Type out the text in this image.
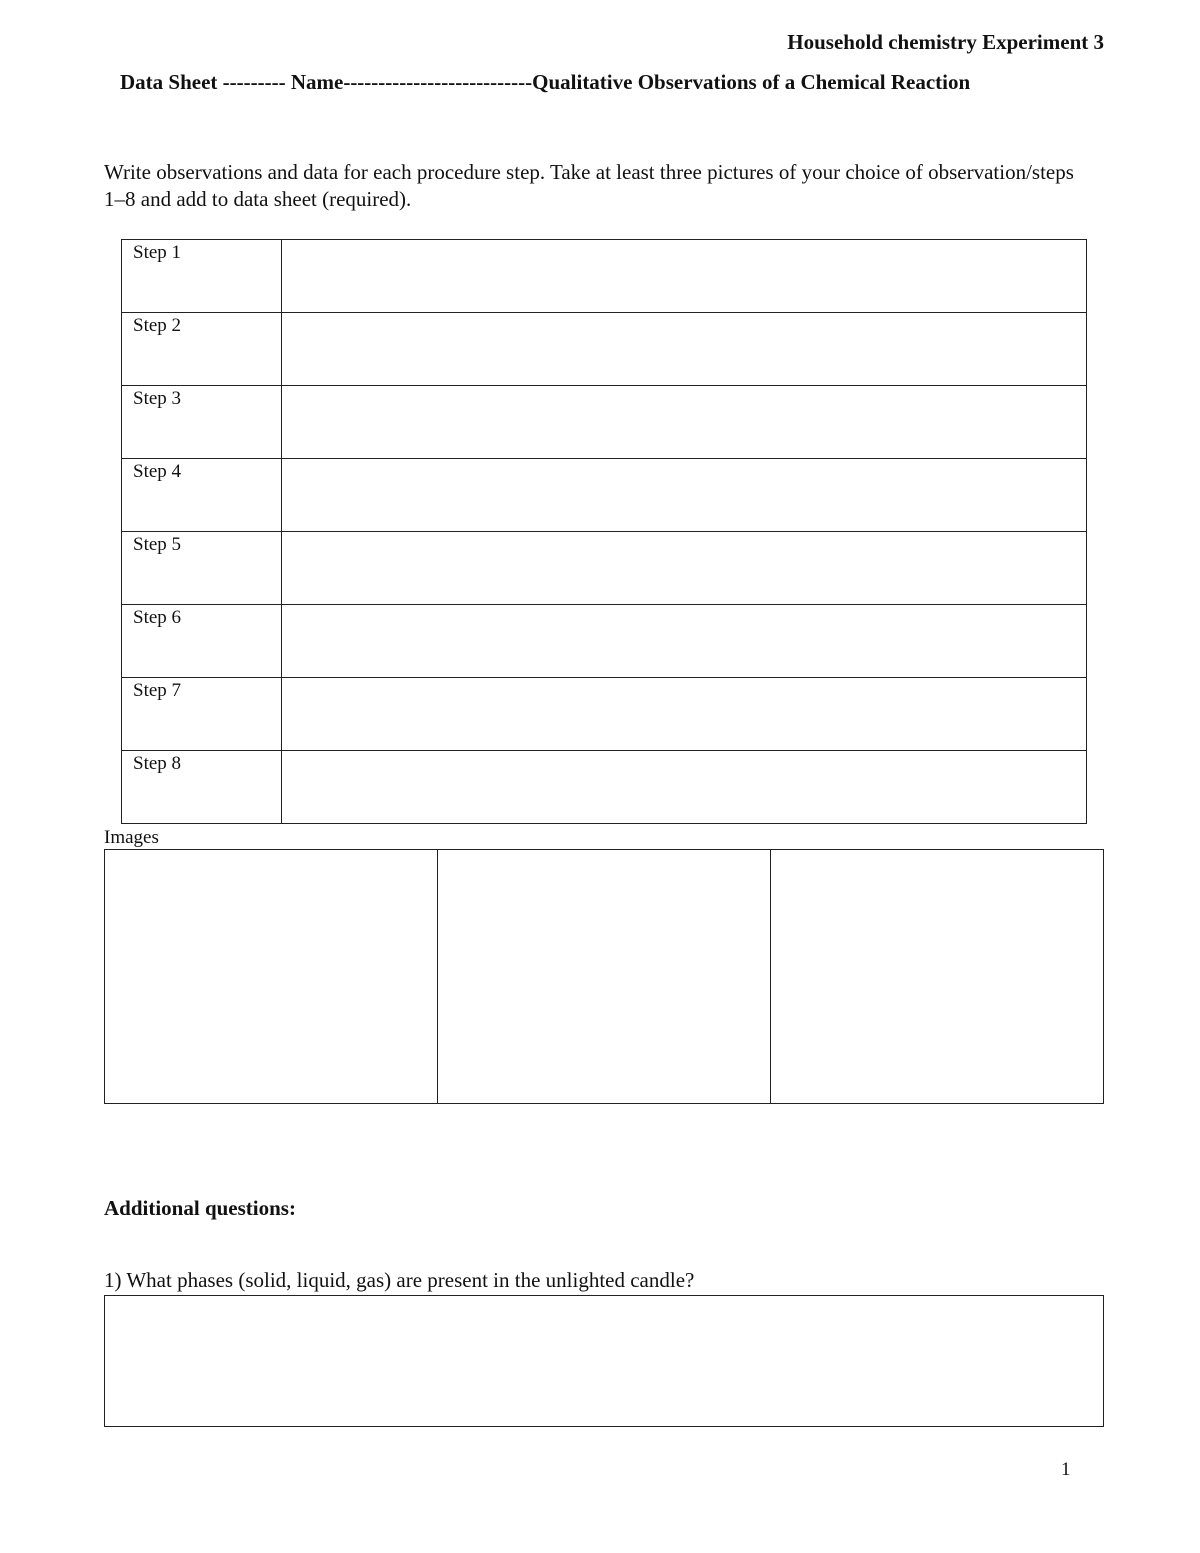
Household chemistry Experiment 3
Data Sheet --------- Name---------------------------Qualitative Observations of a Chemical Reaction
Write observations and data for each procedure step. Take at least three pictures of your choice of observation/steps 1–8 and add to data sheet (required).
Step 1	
Step 2	
Step 3	
Step 4	
Step 5	
Step 6	
Step 7	
Step 8	
Images

Additional questions:
1) What phases (solid, liquid, gas) are present in the unlighted candle?
1
